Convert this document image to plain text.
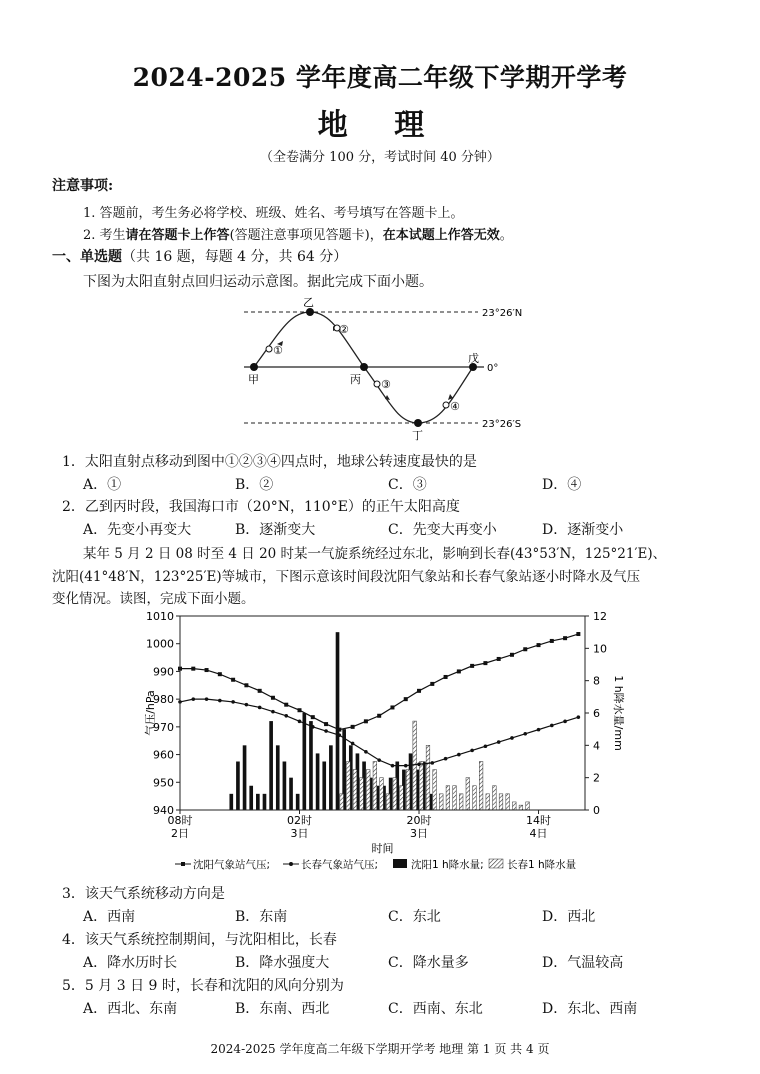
2024-2025 学年度高二年级下学期开学考
地 理
（全卷满分 100 分，考试时间 40 分钟）
注意事项:
1. 答题前，考生务必将学校、班级、姓名、考号填写在答题卡上。
2. 考生请在答题卡上作答(答题注意事项见答题卡)，在本试题上作答无效。
一、单选题（共 16 题，每题 4 分，共 64 分）
下图为太阳直射点回归运动示意图。据此完成下面小题。
①
②
③
④
甲
乙
丙
丁
戊
23°26′N
0°
23°26′S
1．太阳直射点移动到图中①②③④四点时，地球公转速度最快的是
A．①	B．②	C．③	D．④
2．乙到丙时段，我国海口市（20°N，110°E）的正午太阳高度
A．先变小再变大	B．逐渐变大	C．先变大再变小	D．逐渐变小
某年 5 月 2 日 08 时至 4 日 20 时某一气旋系统经过东北，影响到长春(43°53′N，125°21′E)、
沈阳(41°48′N，123°25′E)等城市，下图示意该时间段沈阳气象站和长春气象站逐小时降水及气压
变化情况。读图，完成下面小题。
940
950
960
970
980
990
1000
1010
0
2
4
6
8
10
12
08时
2日
02时
3日
20时
3日
14时
4日
气压/hPa	1 h降水量/mm
时间
沈阳气象站气压;	长春气象站气压;	沈阳1 h降水量; 长春1 h降水量
3．该天气系统移动方向是
A．西南	B．东南	C．东北	D．西北
4．该天气系统控制期间，与沈阳相比，长春
A．降水历时长	B．降水强度大	C．降水量多	D．气温较高
5．5 月 3 日 9 时，长春和沈阳的风向分别为
A．西北、东南	B．东南、西北	C．西南、东北	D．东北、西南
2024-2025 学年度高二年级下学期开学考 地理 第 1 页 共 4 页
